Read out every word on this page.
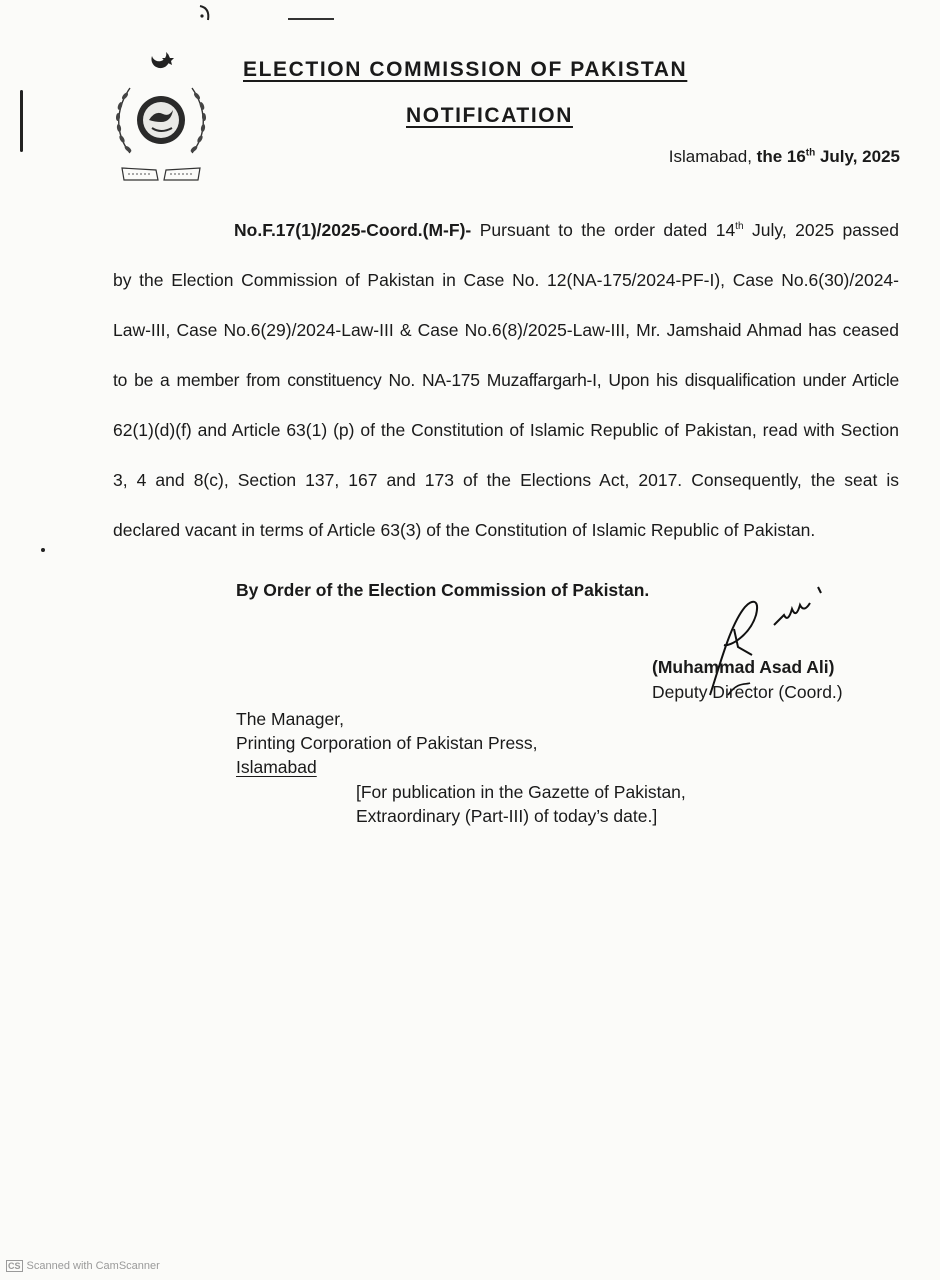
ELECTION COMMISSION OF PAKISTAN
NOTIFICATION
Islamabad, the 16th July, 2025
No.F.17(1)/2025-Coord.(M-F)- Pursuant to the order dated 14th July, 2025 passed
by the Election Commission of Pakistan in Case No. 12(NA-175/2024-PF-I), Case No.6(30)/2024-
Law-III, Case No.6(29)/2024-Law-III & Case No.6(8)/2025-Law-III, Mr. Jamshaid Ahmad has ceased
to be a member from constituency No. NA-175 Muzaffargarh-I, Upon his disqualification under Article
62(1)(d)(f) and Article 63(1) (p) of the Constitution of Islamic Republic of Pakistan, read with Section
3, 4 and 8(c), Section 137, 167 and 173 of the Elections Act, 2017. Consequently, the seat is
declared vacant in terms of Article 63(3) of the Constitution of Islamic Republic of Pakistan.
By Order of the Election Commission of Pakistan.
(Muhammad Asad Ali)
Deputy Director (Coord.)
The Manager,
Printing Corporation of Pakistan Press,
Islamabad
[For publication in the Gazette of Pakistan,
Extraordinary (Part-III) of today’s date.]
CS Scanned with CamScanner
